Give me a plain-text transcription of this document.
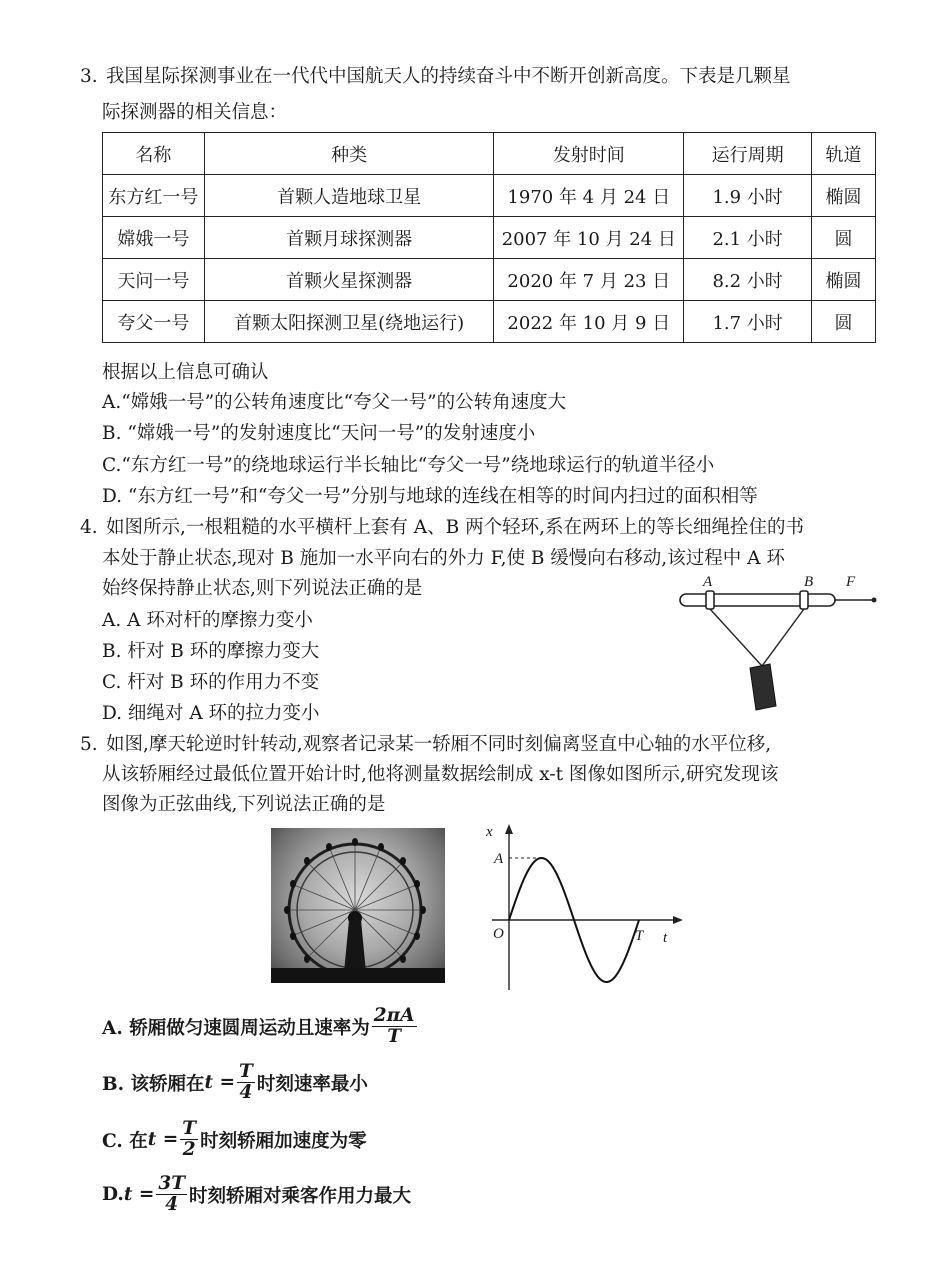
3. 我国星际探测事业在一代代中国航天人的持续奋斗中不断开创新高度。下表是几颗星
际探测器的相关信息：
名称	种类	发射时间	运行周期	轨道
东方红一号	首颗人造地球卫星	1970 年 4 月 24 日	1.9 小时	椭圆
嫦娥一号	首颗月球探测器	2007 年 10 月 24 日	2.1 小时	圆
天问一号	首颗火星探测器	2020 年 7 月 23 日	8.2 小时	椭圆
夸父一号	首颗太阳探测卫星(绕地运行)	2022 年 10 月 9 日	1.7 小时	圆
根据以上信息可确认
A.“嫦娥一号”的公转角速度比“夸父一号”的公转角速度大
B. “嫦娥一号”的发射速度比“天问一号”的发射速度小
C.“东方红一号”的绕地球运行半长轴比“夸父一号”绕地球运行的轨道半径小
D. “东方红一号”和“夸父一号”分别与地球的连线在相等的时间内扫过的面积相等
4. 如图所示,一根粗糙的水平横杆上套有 A、B 两个轻环,系在两环上的等长细绳拴住的书
本处于静止状态,现对 B 施加一水平向右的外力 F,使 B 缓慢向右移动,该过程中 A 环
始终保持静止状态,则下列说法正确的是
A. A 环对杆的摩擦力变小
B. 杆对 B 环的摩擦力变大
C. 杆对 B 环的作用力不变
D. 细绳对 A 环的拉力变小
A	B F
5. 如图,摩天轮逆时针转动,观察者记录某一轿厢不同时刻偏离竖直中心轴的水平位移,
从该轿厢经过最低位置开始计时,他将测量数据绘制成 x-t 图像如图所示,研究发现该
图像为正弦曲线,下列说法正确的是
x
A
O	T t
A. 轿厢做匀速圆周运动且速率为 $\frac{2\pi A}{T}$
B. 该轿厢在 $t = \frac{T}{4}$ 时刻速率最小
C. 在 $t = \frac{T}{2}$ 时刻轿厢加速度为零
D. $t = \frac{3T}{4}$ 时刻轿厢对乘客作用力最大
